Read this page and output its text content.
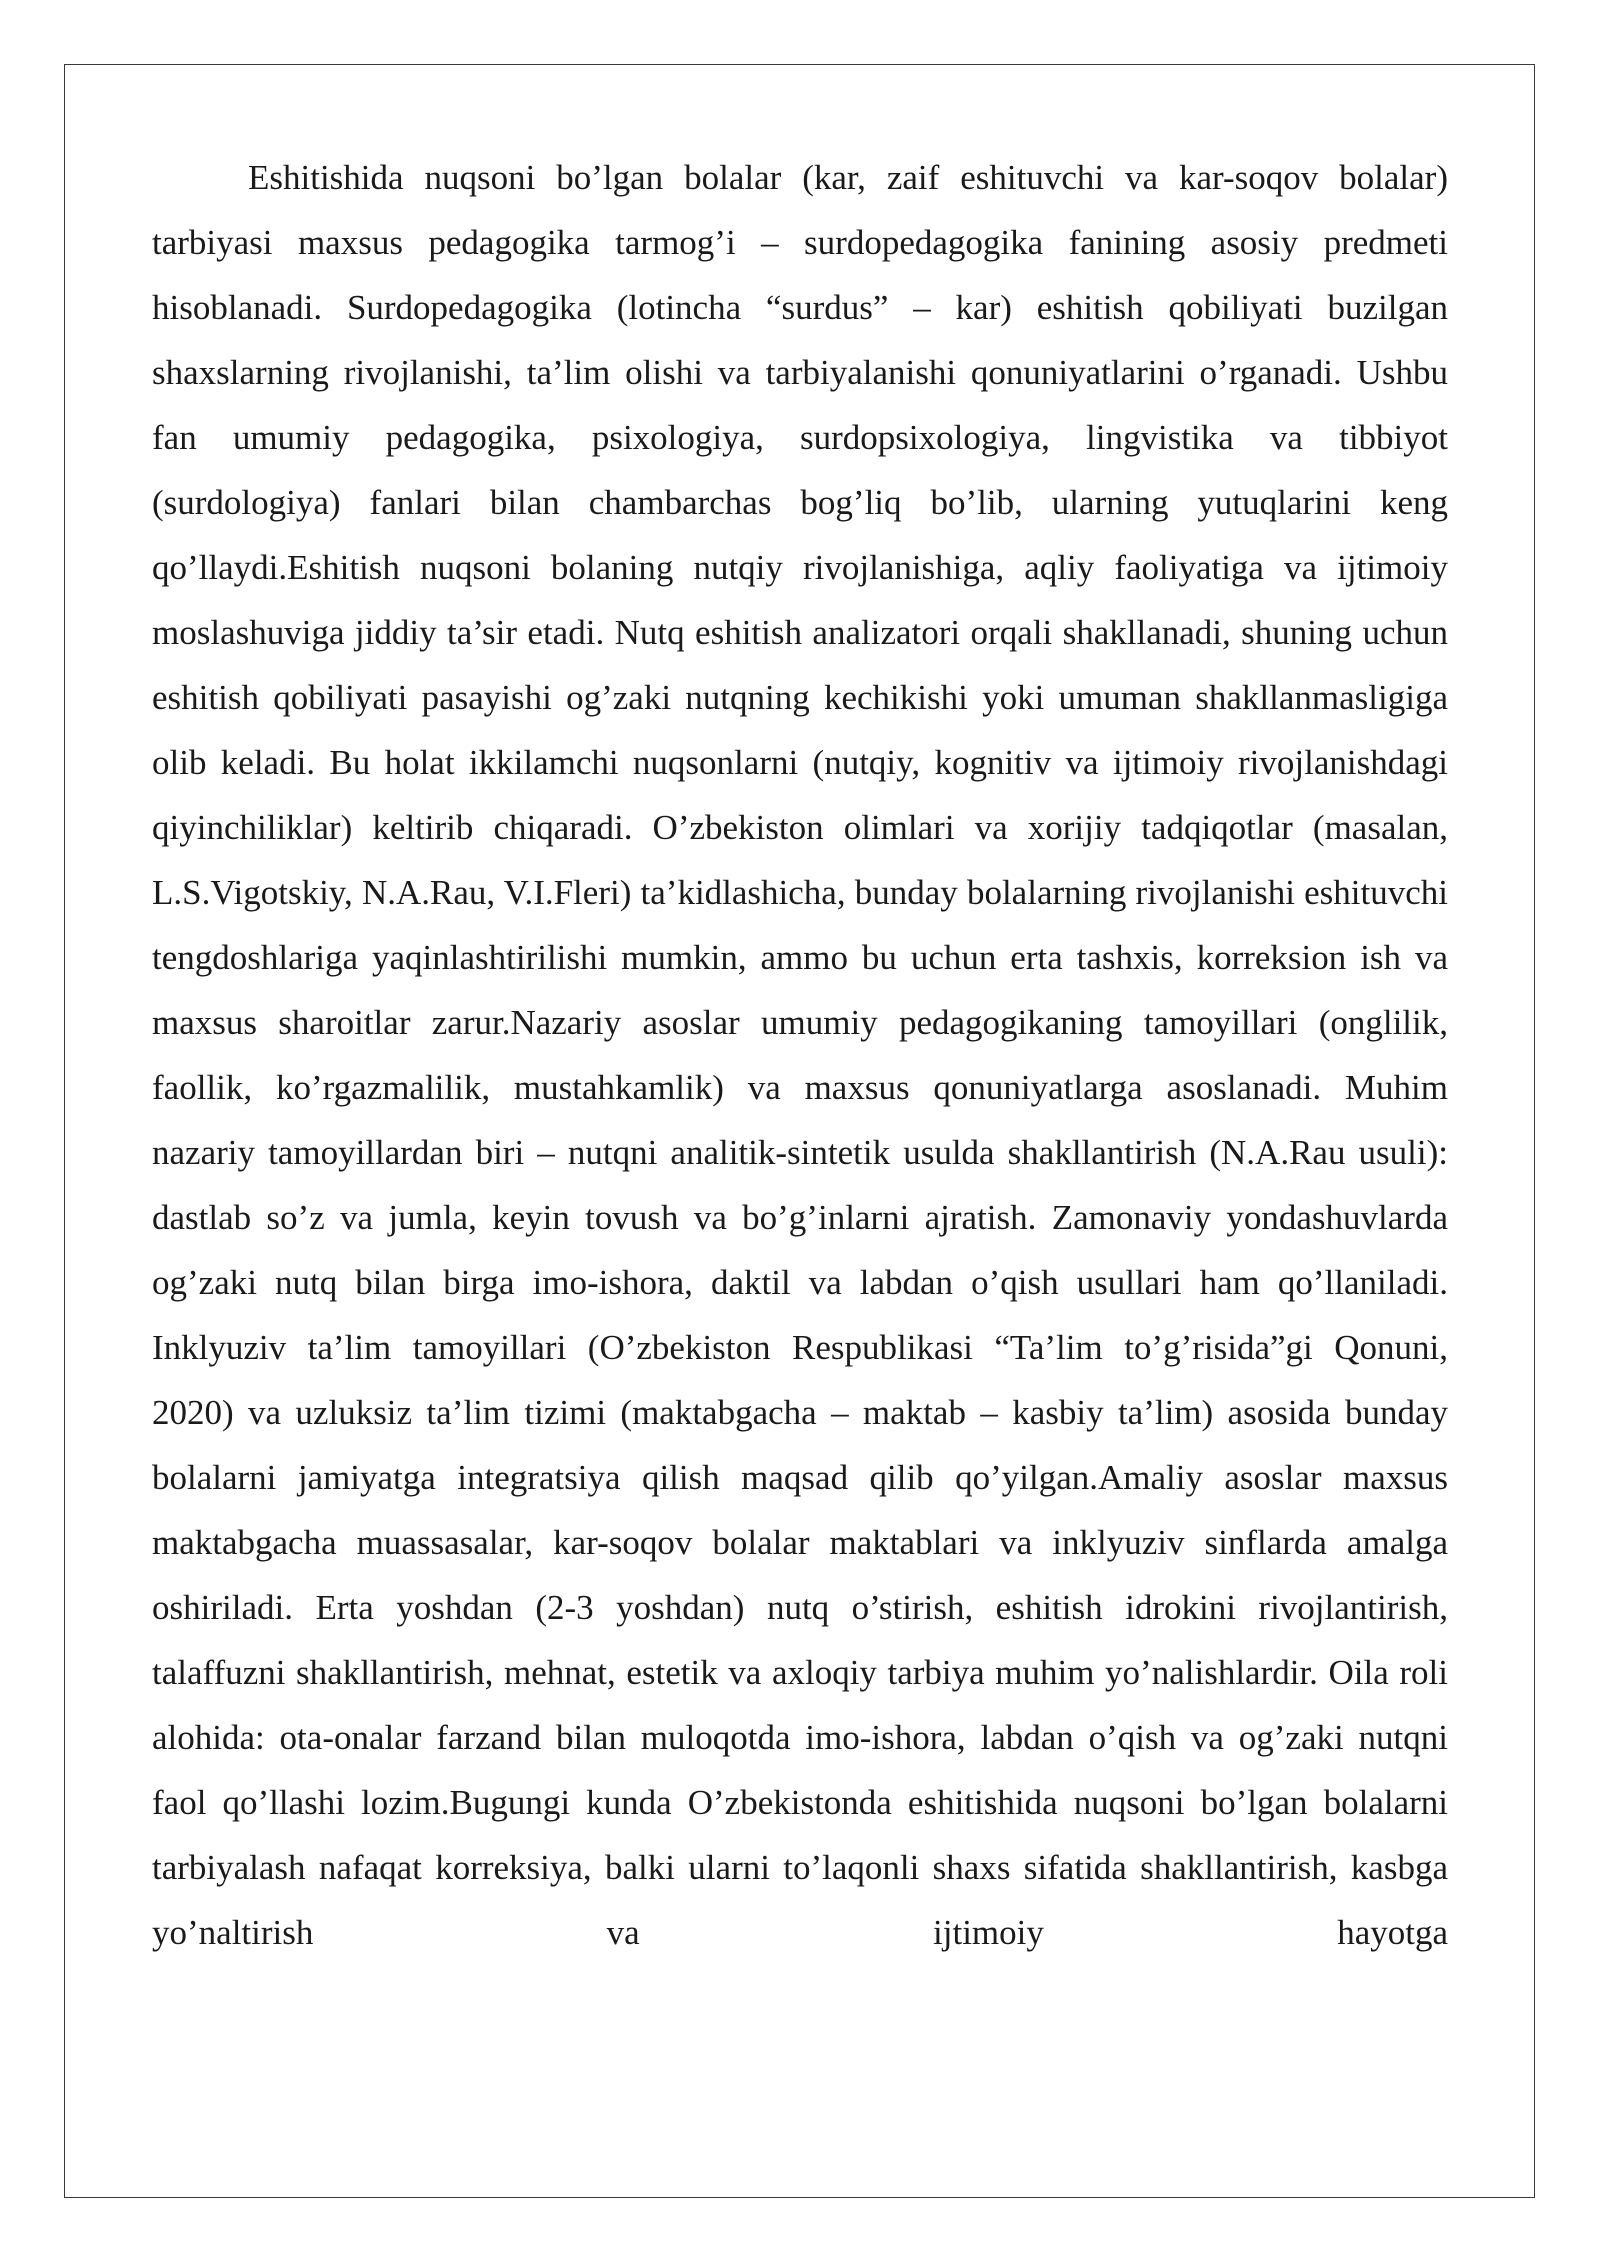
Eshitishida nuqsoni bo’lgan bolalar (kar, zaif eshituvchi va kar-soqov bolalar) tarbiyasi maxsus pedagogika tarmog’i – surdopedagogika fanining asosiy predmeti hisoblanadi. Surdopedagogika (lotincha “surdus” – kar) eshitish qobiliyati buzilgan shaxslarning rivojlanishi, ta’lim olishi va tarbiyalanishi qonuniyatlarini o’rganadi. Ushbu fan umumiy pedagogika, psixologiya, surdopsixologiya, lingvistika va tibbiyot (surdologiya) fanlari bilan chambarchas bog’liq bo’lib, ularning yutuqlarini keng qo’llaydi.Eshitish nuqsoni bolaning nutqiy rivojlanishiga, aqliy faoliyatiga va ijtimoiy moslashuviga jiddiy ta’sir etadi. Nutq eshitish analizatori orqali shakllanadi, shuning uchun eshitish qobiliyati pasayishi og’zaki nutqning kechikishi yoki umuman shakllanmasligiga olib keladi. Bu holat ikkilamchi nuqsonlarni (nutqiy, kognitiv va ijtimoiy rivojlanishdagi qiyinchiliklar) keltirib chiqaradi. O’zbekiston olimlari va xorijiy tadqiqotlar (masalan, L.S.Vigotskiy, N.A.Rau, V.I.Fleri) ta’kidlashicha, bunday bolalarning rivojlanishi eshituvchi tengdoshlariga yaqinlashtirilishi mumkin, ammo bu uchun erta tashxis, korreksion ish va maxsus sharoitlar zarur.Nazariy asoslar umumiy pedagogikaning tamoyillari (onglilik, faollik, ko’rgazmalilik, mustahkamlik) va maxsus qonuniyatlarga asoslanadi. Muhim nazariy tamoyillardan biri – nutqni analitik-sintetik usulda shakllantirish (N.A.Rau usuli): dastlab so’z va jumla, keyin tovush va bo’g’inlarni ajratish. Zamonaviy yondashuvlarda og’zaki nutq bilan birga imo-ishora, daktil va labdan o’qish usullari ham qo’llaniladi. Inklyuziv ta’lim tamoyillari (O’zbekiston Respublikasi “Ta’lim to’g’risida”gi Qonuni, 2020) va uzluksiz ta’lim tizimi (maktabgacha – maktab – kasbiy ta’lim) asosida bunday bolalarni jamiyatga integratsiya qilish maqsad qilib qo’yilgan.Amaliy asoslar maxsus maktabgacha muassasalar, kar-soqov bolalar maktablari va inklyuziv sinflarda amalga oshiriladi. Erta yoshdan (2-3 yoshdan) nutq o’stirish, eshitish idrokini rivojlantirish, talaffuzni shakllantirish, mehnat, estetik va axloqiy tarbiya muhim yo’nalishlardir. Oila roli alohida: ota-onalar farzand bilan muloqotda imo-ishora, labdan o’qish va og’zaki nutqni faol qo’llashi lozim.Bugungi kunda O’zbekistonda eshitishida nuqsoni bo’lgan bolalarni tarbiyalash nafaqat korreksiya, balki ularni to’laqonli shaxs sifatida shakllantirish, kasbga yo’naltirish va ijtimoiy hayotga
